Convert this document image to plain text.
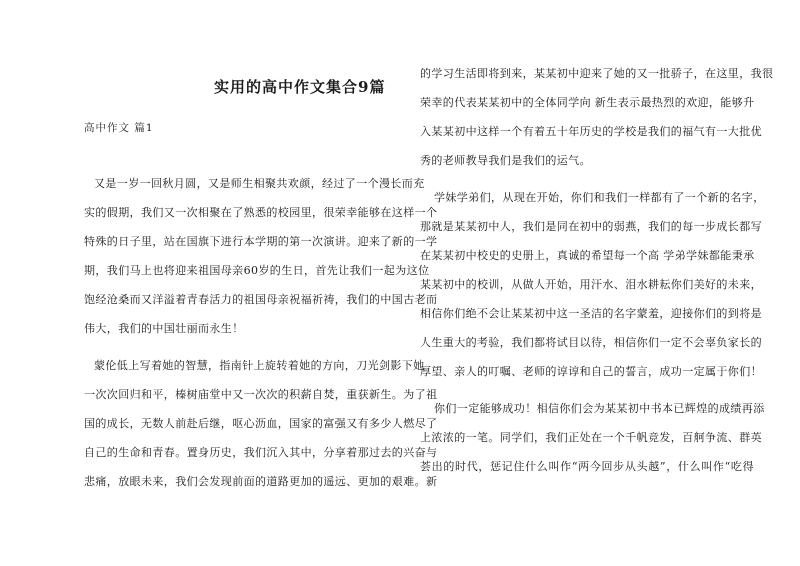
实用的高中作文集合9篇

高中作文 篇1

又是一岁一回秋月圆，又是师生相聚共欢颜，经过了一个漫长而充
实的假期，我们又一次相聚在了熟悉的校园里，很荣幸能够在这样一个
特殊的日子里，站在国旗下进行本学期的第一次演讲。迎来了新的一学
期，我们马上也将迎来祖国母亲60岁的生日，首先让我们一起为这位
饱经沧桑而又洋溢着青春活力的祖国母亲祝福祈祷，我们的中国古老而
伟大，我们的中国壮丽而永生！
蒙伦低上写着她的智慧，指南针上旋转着她的方向，刀光剑影下她
一次次回归和平，榛树庙堂中又一次次的积薪自焚，重获新生。为了祖
国的成长，无数人前赴后继，呕心沥血，国家的富强又有多少人燃尽了
自己的生命和青春。置身历史，我们沉入其中，分享着那过去的兴奋与
悲痛，放眼未来，我们会发现前面的道路更加的遥远、更加的艰难。新
的学习生活即将到来，某某初中迎来了她的又一批骄子，在这里，我很
荣幸的代表某某初中的全体同学向 新生表示最热烈的欢迎，能够升
入某某初中这样一个有着五十年历史的学校是我们的福气有一大批优
秀的老师教导我们是我们的运气。
学妹学弟们，从现在开始，你们和我们一样都有了一个新的名字，
那就是某某初中人，我们是同在初中的弱燕，我们的每一步成长都写
在某某初中校史的史册上，真诚的希望每一个高 学弟学妹都能秉承
某某初中的校训，从做人开始，用汗水、泪水耕耘你们美好的未来，
相信你们绝不会让某某初中这一圣洁的名字蒙羞，迎接你们的到将是
人生重大的考验，我们都将试目以待，相信你们一定不会辜负家长的
厚望、亲人的叮嘱、老师的谆谆和自己的誓言，成功一定属于你们！
你们一定能够成功！相信你们会为某某初中书本已辉煌的成绩再添
上浓浓的一笔。同学们，我们正处在一个千帆竞发，百舸争流、群英
荟出的时代，惩记住什么叫作“两今回步从头越”，什么叫作“吃得
